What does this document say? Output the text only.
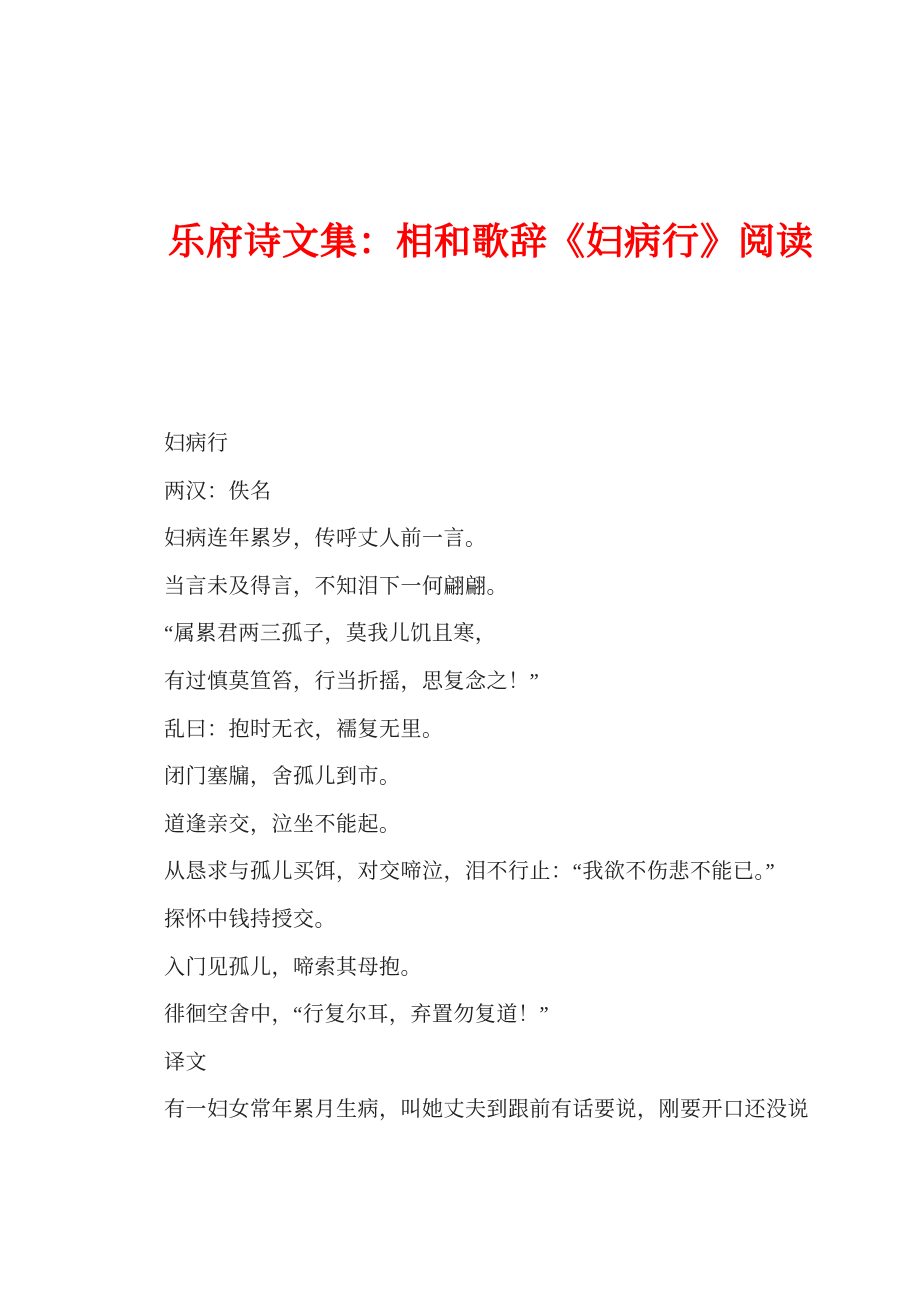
乐府诗文集：相和歌辞《妇病行》阅读

妇病行

两汉：佚名

妇病连年累岁，传呼丈人前一言。

当言未及得言，不知泪下一何翩翩。

“属累君两三孤子，莫我儿饥且寒，

有过慎莫笪笞，行当折摇，思复念之！”

乱曰：抱时无衣，襦复无里。

闭门塞牖，舍孤儿到市。

道逢亲交，泣坐不能起。

从恳求与孤儿买饵，对交啼泣，泪不行止：“我欲不伤悲不能已。”

探怀中钱持授交。

入门见孤儿，啼索其母抱。

徘徊空舍中，“行复尔耳，弃置勿复道！”

译文

有一妇女常年累月生病，叫她丈夫到跟前有话要说，刚要开口还没说
